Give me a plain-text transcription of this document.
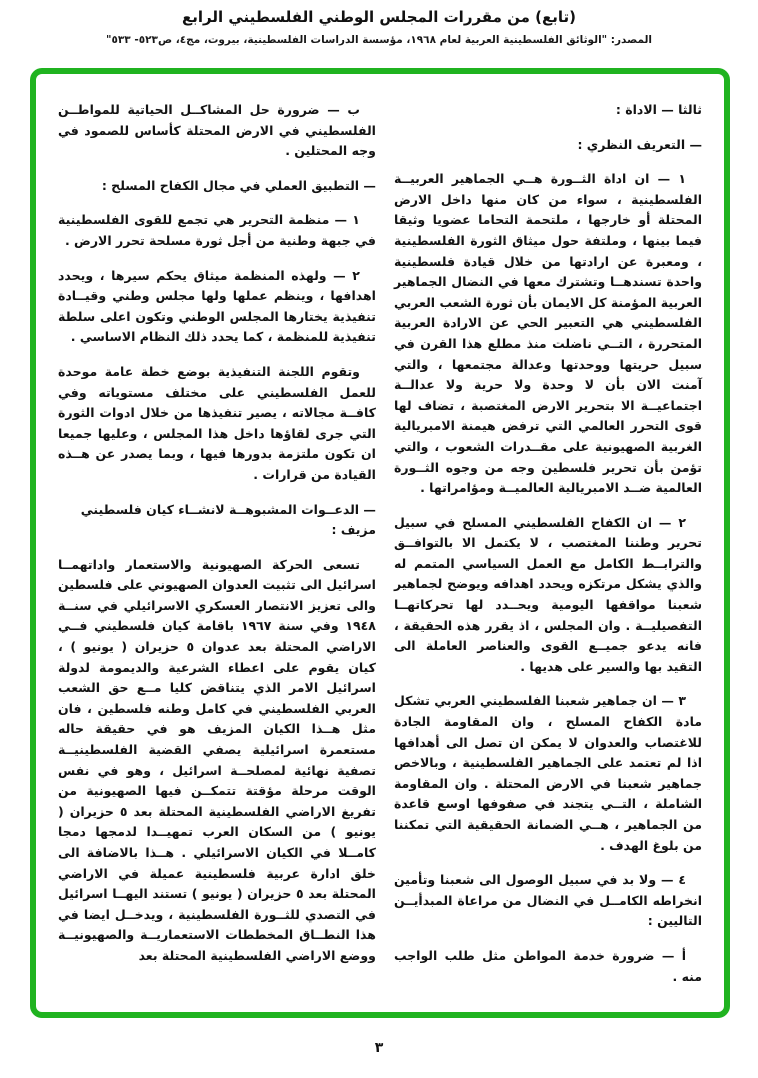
(تابع) من مقررات المجلس الوطني الفلسطيني الرابع
المصدر: "الوثائق الفلسطينية العربية لعام ١٩٦٨، مؤسسة الدراسات الفلسطينية، بيروت، مج٤، ص٥٢٣- ٥٣٣"

ثالثا — الاداة :

— التعريف النظري :

١ — ان اداة الثــورة هــي الجماهير العربيــة الفلسطينية ، سواء من كان منها داخل الارض المحتلة أو خارجها ، ملتحمة التحاما عضويا وثيقا فيما بينها ، وملتفة حول ميثاق الثورة الفلسطينية ، ومعبرة عن ارادتها من خلال قيادة فلسطينية واحدة تسندهــا وتشترك معها في النضال الجماهير العربية المؤمنة كل الايمان بأن ثورة الشعب العربي الفلسطيني هي التعبير الحي عن الارادة العربية المتحررة ، التــي ناضلت منذ مطلع هذا القرن في سبيل حريتها ووحدتها وعدالة مجتمعها ، والتي آمنت الان بأن لا وحدة ولا حرية ولا عدالــة اجتماعيــة الا بتحرير الارض المغتصبة ، تضاف لها قوى التحرر العالمي التي ترفض هيمنة الامبريالية الغربية الصهيونية على مقــدرات الشعوب ، والتي تؤمن بأن تحرير فلسطين وجه من وجوه الثــورة العالمية ضــد الامبريالية العالميــة ومؤامراتها .

٢ — ان الكفاح الفلسطيني المسلح في سبيل تحرير وطننا المغتصب ، لا يكتمل الا بالتوافــق والترابــط الكامل مع العمل السياسي المتمم له والذي يشكل مرتكزه ويحدد اهدافه ويوضح لجماهير شعبنا مواقفها اليومية ويحــدد لها تحركاتهــا التفصيليــة . وان المجلس ، اذ يقرر هذه الحقيقة ، فانه يدعو جميــع القوى والعناصر العاملة الى التقيد بها والسير على هديها .

٣ — ان جماهير شعبنا الفلسطيني العربي تشكل مادة الكفاح المسلح ، وان المقاومة الجادة للاغتصاب والعدوان لا يمكن ان تصل الى أهدافها اذا لم تعتمد على الجماهير الفلسطينية ، وبالاخص جماهير شعبنا في الارض المحتلة . وان المقاومة الشاملة ، التــي يتجند في صفوفها اوسع قاعدة من الجماهير ، هــي الضمانة الحقيقية التي تمكننا من بلوغ الهدف .

٤ — ولا بد في سبيل الوصول الى شعبنا وتأمين انخراطه الكامــل في النضال من مراعاة المبدأيــن التاليين :

أ — ضرورة خدمة المواطن مثل طلب الواجب منه .

ب — ضرورة حل المشاكــل الحياتية للمواطــن الفلسطيني في الارض المحتلة كأساس للصمود في وجه المحتلين .

— التطبيق العملي في مجال الكفاح المسلح :

١ — منظمة التحرير هي تجمع للقوى الفلسطينية في جبهة وطنية من أجل ثورة مسلحة تحرر الارض .

٢ — ولهذه المنظمة ميثاق يحكم سيرها ، ويحدد اهدافها ، وينظم عملها ولها مجلس وطني وقيــادة تنفيذية يختارها المجلس الوطني وتكون اعلى سلطة تنفيذية للمنظمة ، كما يحدد ذلك النظام الاساسي .

وتقوم اللجنة التنفيذية بوضع خطة عامة موحدة للعمل الفلسطيني على مختلف مستوياته وفي كافــة مجالاته ، يصير تنفيذها من خلال ادوات الثورة التي جرى لقاؤها داخل هذا المجلس ، وعليها جميعا ان تكون ملتزمة بدورها فيها ، وبما يصدر عن هــذه القيادة من قرارات .

— الدعــوات المشبوهــة لانشــاء كيان فلسطيني مزيف :

تسعى الحركة الصهيونية والاستعمار واداتهمــا اسرائيل الى تثبيت العدوان الصهيوني على فلسطين والى تعزيز الانتصار العسكري الاسرائيلي في سنــة ١٩٤٨ وفي سنة ١٩٦٧ باقامة كيان فلسطيني فــي الاراضي المحتلة بعد عدوان ٥ حزيران ( يونيو ) ، كيان يقوم على اعطاء الشرعية والديمومة لدولة اسرائيل الامر الذي يتناقض كليا مــع حق الشعب العربي الفلسطيني في كامل وطنه فلسطين ، فان مثل هــذا الكيان المزيف هو في حقيقة حاله مستعمرة اسرائيلية يصفي القضية الفلسطينيــة تصفية نهائية لمصلحــة اسرائيل ، وهو في نفس الوقت مرحلة مؤقتة تتمكــن فيها الصهيونية من تفريغ الاراضي الفلسطينية المحتلة بعد ٥ حزيران ( يونيو ) من السكان العرب تمهيــدا لدمجها دمجا كامــلا في الكيان الاسرائيلي . هــذا بالاضافة الى خلق ادارة عربية فلسطينية عميلة في الاراضي المحتلة بعد ٥ حزيران ( يونيو ) تستند اليهــا اسرائيل في التصدي للثــورة الفلسطينية ، ويدخــل ايضا في هذا النطــاق المخططات الاستعماريــة والصهيونيــة ووضع الاراضي الفلسطينية المحتلة بعد

٣
